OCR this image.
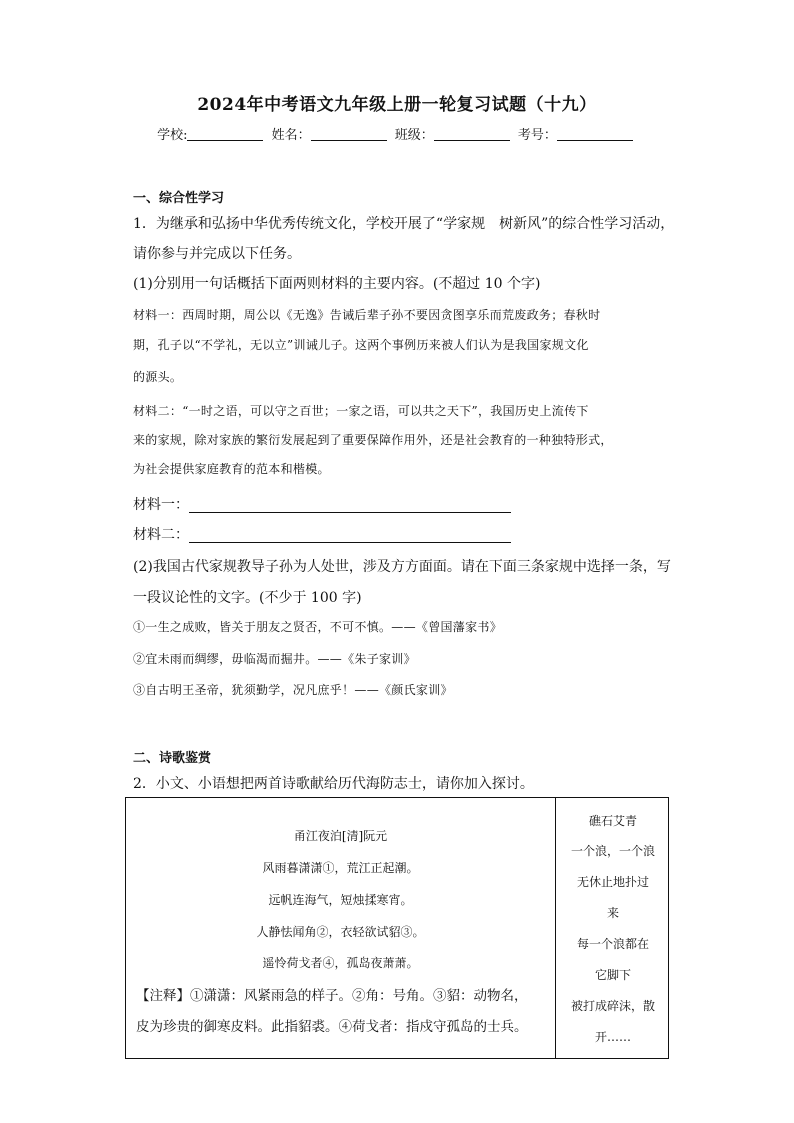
2024年中考语文九年级上册一轮复习试题（十九）
学校:	姓名：	班级：	考号：
一、综合性学习
1．为继承和弘扬中华优秀传统文化，学校开展了“学家规　树新风”的综合性学习活动，
请你参与并完成以下任务。
(1)分别用一句话概括下面两则材料的主要内容。(不超过 10 个字)
材料一：西周时期，周公以《无逸》告诫后辈子孙不要因贪图享乐而荒废政务；春秋时
期，孔子以“不学礼，无以立”训诫儿子。这两个事例历来被人们认为是我国家规文化
的源头。
材料二：“一时之语，可以守之百世；一家之语，可以共之天下”，我国历史上流传下
来的家规，除对家族的繁衍发展起到了重要保障作用外，还是社会教育的一种独特形式，
为社会提供家庭教育的范本和楷模。
材料一：
材料二：
(2)我国古代家规教导子孙为人处世，涉及方方面面。请在下面三条家规中选择一条，写
一段议论性的文字。(不少于 100 字)
①一生之成败，皆关于朋友之贤否，不可不慎。——《曾国藩家书》
②宜未雨而绸缪，毋临渴而掘井。——《朱子家训》
③自古明王圣帝，犹须勤学，况凡庶乎！——《颜氏家训》
二、诗歌鉴赏
2．小文、小语想把两首诗歌献给历代海防志士，请你加入探讨。
甬江夜泊[清]阮元
风雨暮潇潇①，荒江正起潮。
远帆连海气，短烛揉寒宵。
人静怯闻角②，衣轻欲试貂③。
遥怜荷戈者④，孤岛夜萧萧。
【注释】①潇潇：风紧雨急的样子。②角：号角。③貂：动物名，
皮为珍贵的御寒皮料。此指貂裘。④荷戈者：指戍守孤岛的士兵。
礁石艾青
一个浪，一个浪
无休止地扑过
来
每一个浪都在
它脚下
被打成碎沫，散
开……
